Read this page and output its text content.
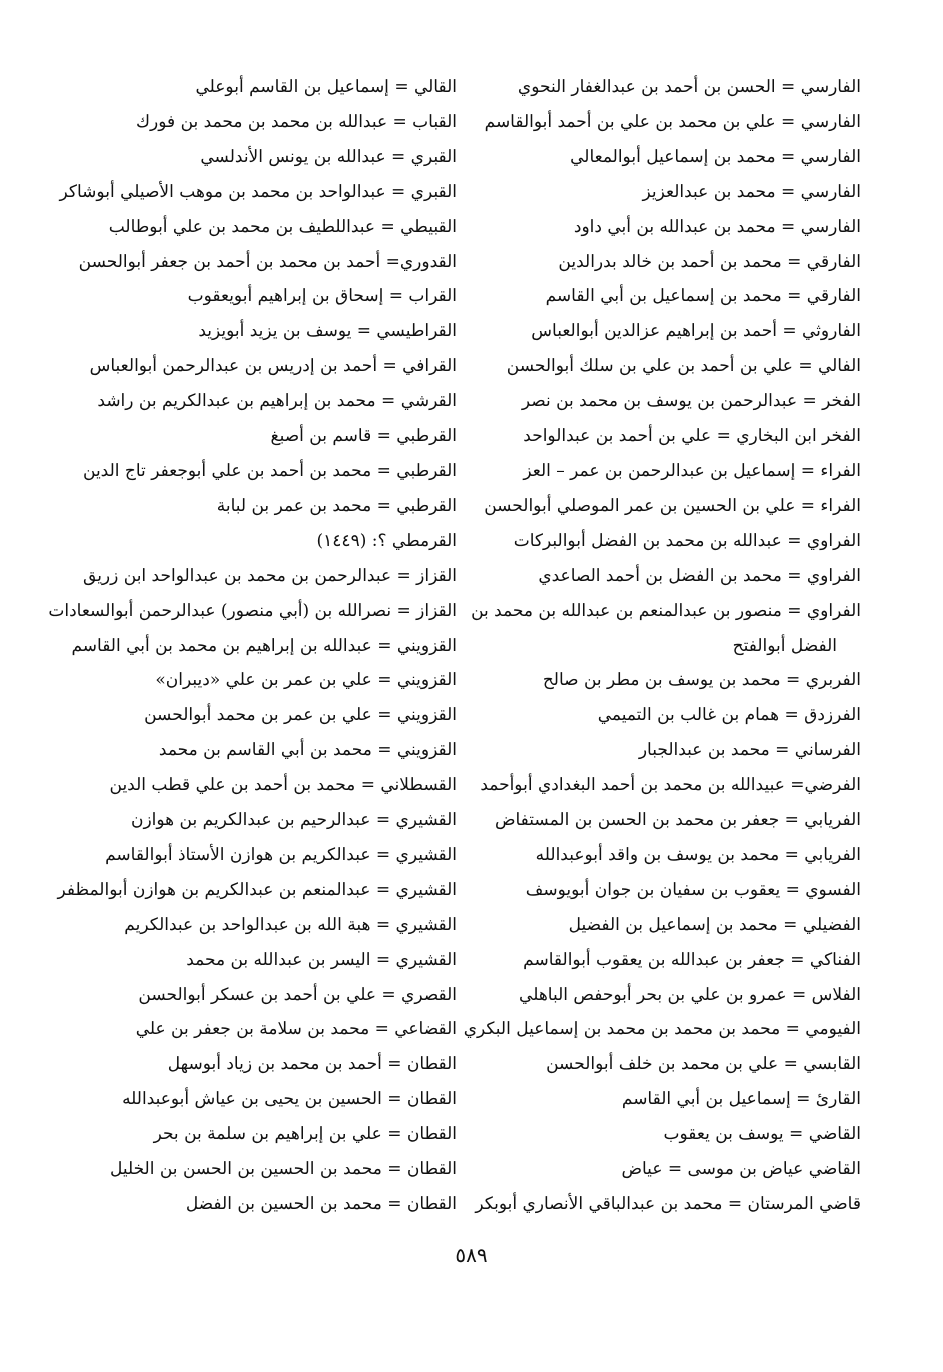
الفارسي = الحسن بن أحمد بن عبدالغفار النحوي
الفارسي = علي بن محمد بن علي بن أحمد أبوالقاسم
الفارسي = محمد بن إسماعيل أبوالمعالي
الفارسي = محمد بن عبدالعزيز
الفارسي = محمد بن عبدالله بن أبي داود
الفارقي = محمد بن أحمد بن خالد بدرالدين
الفارقي = محمد بن إسماعيل بن أبي القاسم
الفاروثي = أحمد بن إبراهيم عزالدين أبوالعباس
الفالي = علي بن أحمد بن علي بن سلك أبوالحسن
الفخر = عبدالرحمن بن يوسف بن محمد بن نصر
الفخر ابن البخاري = علي بن أحمد بن عبدالواحد
الفراء = إسماعيل بن عبدالرحمن بن عمر – العز
الفراء = علي بن الحسين بن عمر الموصلي أبوالحسن
الفراوي = عبدالله بن محمد بن الفضل أبوالبركات
الفراوي = محمد بن الفضل بن أحمد الصاعدي
الفراوي = منصور بن عبدالمنعم بن عبدالله بن محمد بن
الفضل أبوالفتح
الفربري = محمد بن يوسف بن مطر بن صالح
الفرزدق = همام بن غالب بن التميمي
الفرساني = محمد بن عبدالجبار
الفرضي= عبيدالله بن محمد بن أحمد البغدادي أبوأحمد
الفريابي = جعفر بن محمد بن الحسن بن المستفاض
الفريابي = محمد بن يوسف بن واقد أبوعبدالله
الفسوي = يعقوب بن سفيان بن جوان أبويوسف
الفضيلي = محمد بن إسماعيل بن الفضيل
الفناكي = جعفر بن عبدالله بن يعقوب أبوالقاسم
الفلاس = عمرو بن علي بن بحر أبوحفص الباهلي
الفيومي = محمد بن محمد بن محمد بن إسماعيل البكري
القابسي = علي بن محمد بن خلف أبوالحسن
القارئ = إسماعيل بن أبي القاسم
القاضي = يوسف بن يعقوب
القاضي عياض بن موسى = عياض
قاضي المرستان = محمد بن عبدالباقي الأنصاري أبوبكر
القالي = إسماعيل بن القاسم أبوعلي
القباب = عبدالله بن محمد بن محمد بن فورك
القبري = عبدالله بن يونس الأندلسي
القبري = عبدالواحد بن محمد بن موهب الأصيلي أبوشاكر
القبيطي = عبداللطيف بن محمد بن علي أبوطالب
القدوري= أحمد بن محمد بن أحمد بن جعفر أبوالحسن
القراب = إسحاق بن إبراهيم أبويعقوب
القراطيسي = يوسف بن يزيد أبويزيد
القرافي = أحمد بن إدريس بن عبدالرحمن أبوالعباس
القرشي = محمد بن إبراهيم بن عبدالكريم بن راشد
القرطبي = قاسم بن أصبغ
القرطبي = محمد بن أحمد بن علي أبوجعفر تاج الدين
القرطبي = محمد بن عمر بن لبابة
القرمطي ؟: (١٤٤٩)
القزاز = عبدالرحمن بن محمد بن عبدالواحد ابن زريق
القزاز = نصرالله بن (أبي منصور) عبدالرحمن أبوالسعادات
القزويني = عبدالله بن إبراهيم بن محمد بن أبي القاسم
القزويني = علي بن عمر بن علي «ديبران»
القزويني = علي بن عمر بن محمد أبوالحسن
القزويني = محمد بن أبي القاسم بن محمد
القسطلاني = محمد بن أحمد بن علي قطب الدين
القشيري = عبدالرحيم بن عبدالكريم بن هوازن
القشيري = عبدالكريم بن هوازن الأستاذ أبوالقاسم
القشيري = عبدالمنعم بن عبدالكريم بن هوازن أبوالمظفر
القشيري = هبة الله بن عبدالواحد بن عبدالكريم
القشيري = اليسر بن عبدالله بن محمد
القصري = علي بن أحمد بن عسكر أبوالحسن
القضاعي = محمد بن سلامة بن جعفر بن علي
القطان = أحمد بن محمد بن زياد أبوسهل
القطان = الحسين بن يحيى بن عياش أبوعبدالله
القطان = علي بن إبراهيم بن سلمة بن بحر
القطان = محمد بن الحسين بن الحسن بن الخليل
القطان = محمد بن الحسين بن الفضل
٥٨٩
